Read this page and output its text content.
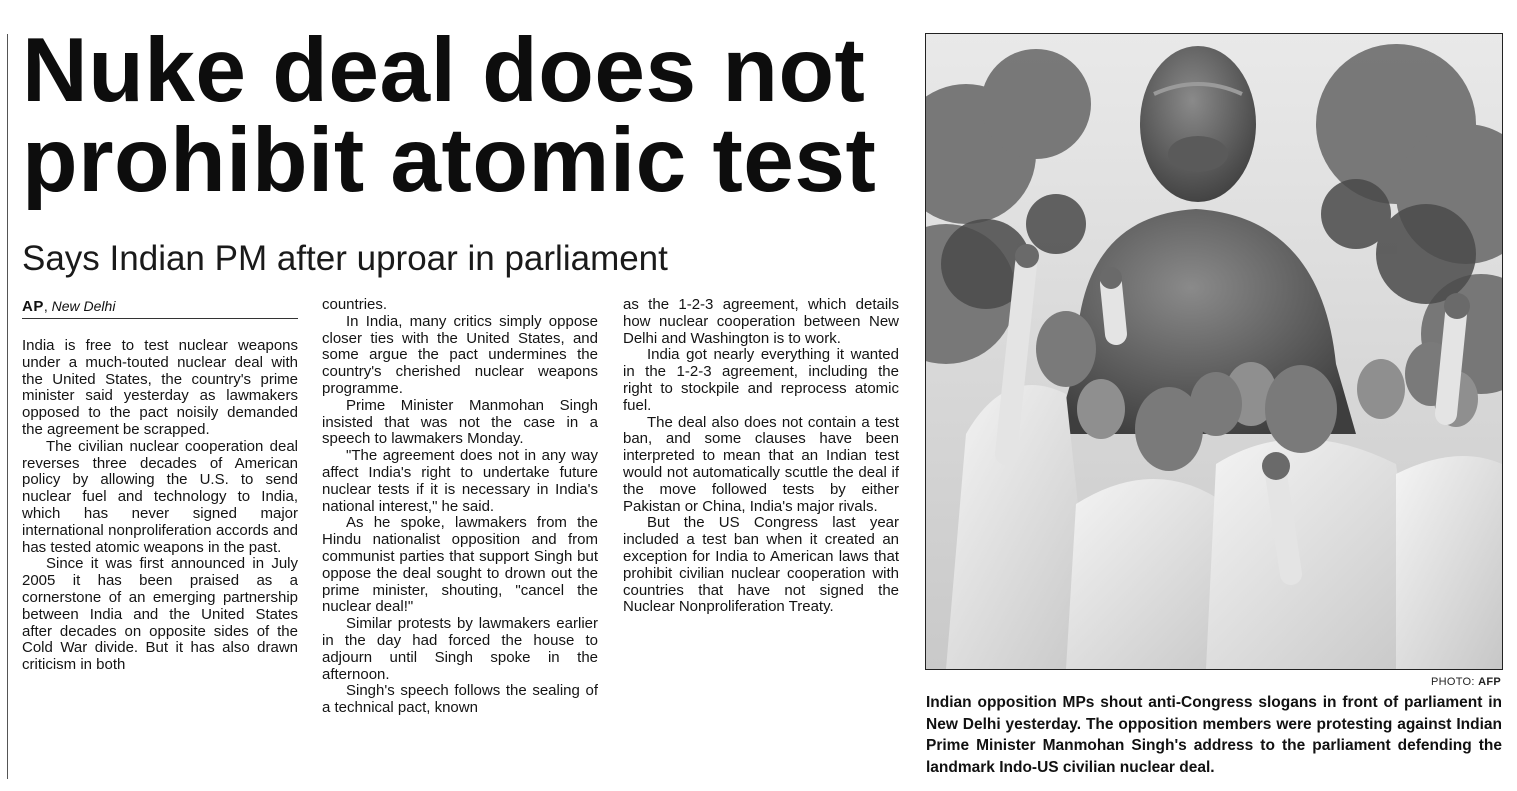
Nuke deal does not prohibit atomic test
Says Indian PM after uproar in parliament
AP, New Delhi

India is free to test nuclear weapons under a much-touted nuclear deal with the United States, the country's prime minister said yesterday as lawmakers opposed to the pact noisily demanded the agreement be scrapped.

The civilian nuclear cooperation deal reverses three decades of American policy by allowing the U.S. to send nuclear fuel and technology to India, which has never signed major international nonproliferation accords and has tested atomic weapons in the past.

Since it was first announced in July 2005 it has been praised as a cornerstone of an emerging partnership between India and the United States after decades on opposite sides of the Cold War divide. But it has also drawn criticism in both

countries.

In India, many critics simply oppose closer ties with the United States, and some argue the pact undermines the country's cherished nuclear weapons programme.

Prime Minister Manmohan Singh insisted that was not the case in a speech to lawmakers Monday.

"The agreement does not in any way affect India's right to undertake future nuclear tests if it is necessary in India's national interest," he said.

As he spoke, lawmakers from the Hindu nationalist opposition and from communist parties that support Singh but oppose the deal sought to drown out the prime minister, shouting, "cancel the nuclear deal!"

Similar protests by lawmakers earlier in the day had forced the house to adjourn until Singh spoke in the afternoon.

Singh's speech follows the sealing of a technical pact, known

as the 1-2-3 agreement, which details how nuclear cooperation between New Delhi and Washington is to work.

India got nearly everything it wanted in the 1-2-3 agreement, including the right to stockpile and reprocess atomic fuel.

The deal also does not contain a test ban, and some clauses have been interpreted to mean that an Indian test would not automatically scuttle the deal if the move followed tests by either Pakistan or China, India's major rivals.

But the US Congress last year included a test ban when it created an exception for India to American laws that prohibit civilian nuclear cooperation with countries that have not signed the Nuclear Nonproliferation Treaty.

PHOTO: AFP
Indian opposition MPs shout anti-Congress slogans in front of parliament in New Delhi yesterday. The opposition members were protesting against Indian Prime Minister Manmohan Singh's address to the parliament defending the landmark Indo-US civilian nuclear deal.
